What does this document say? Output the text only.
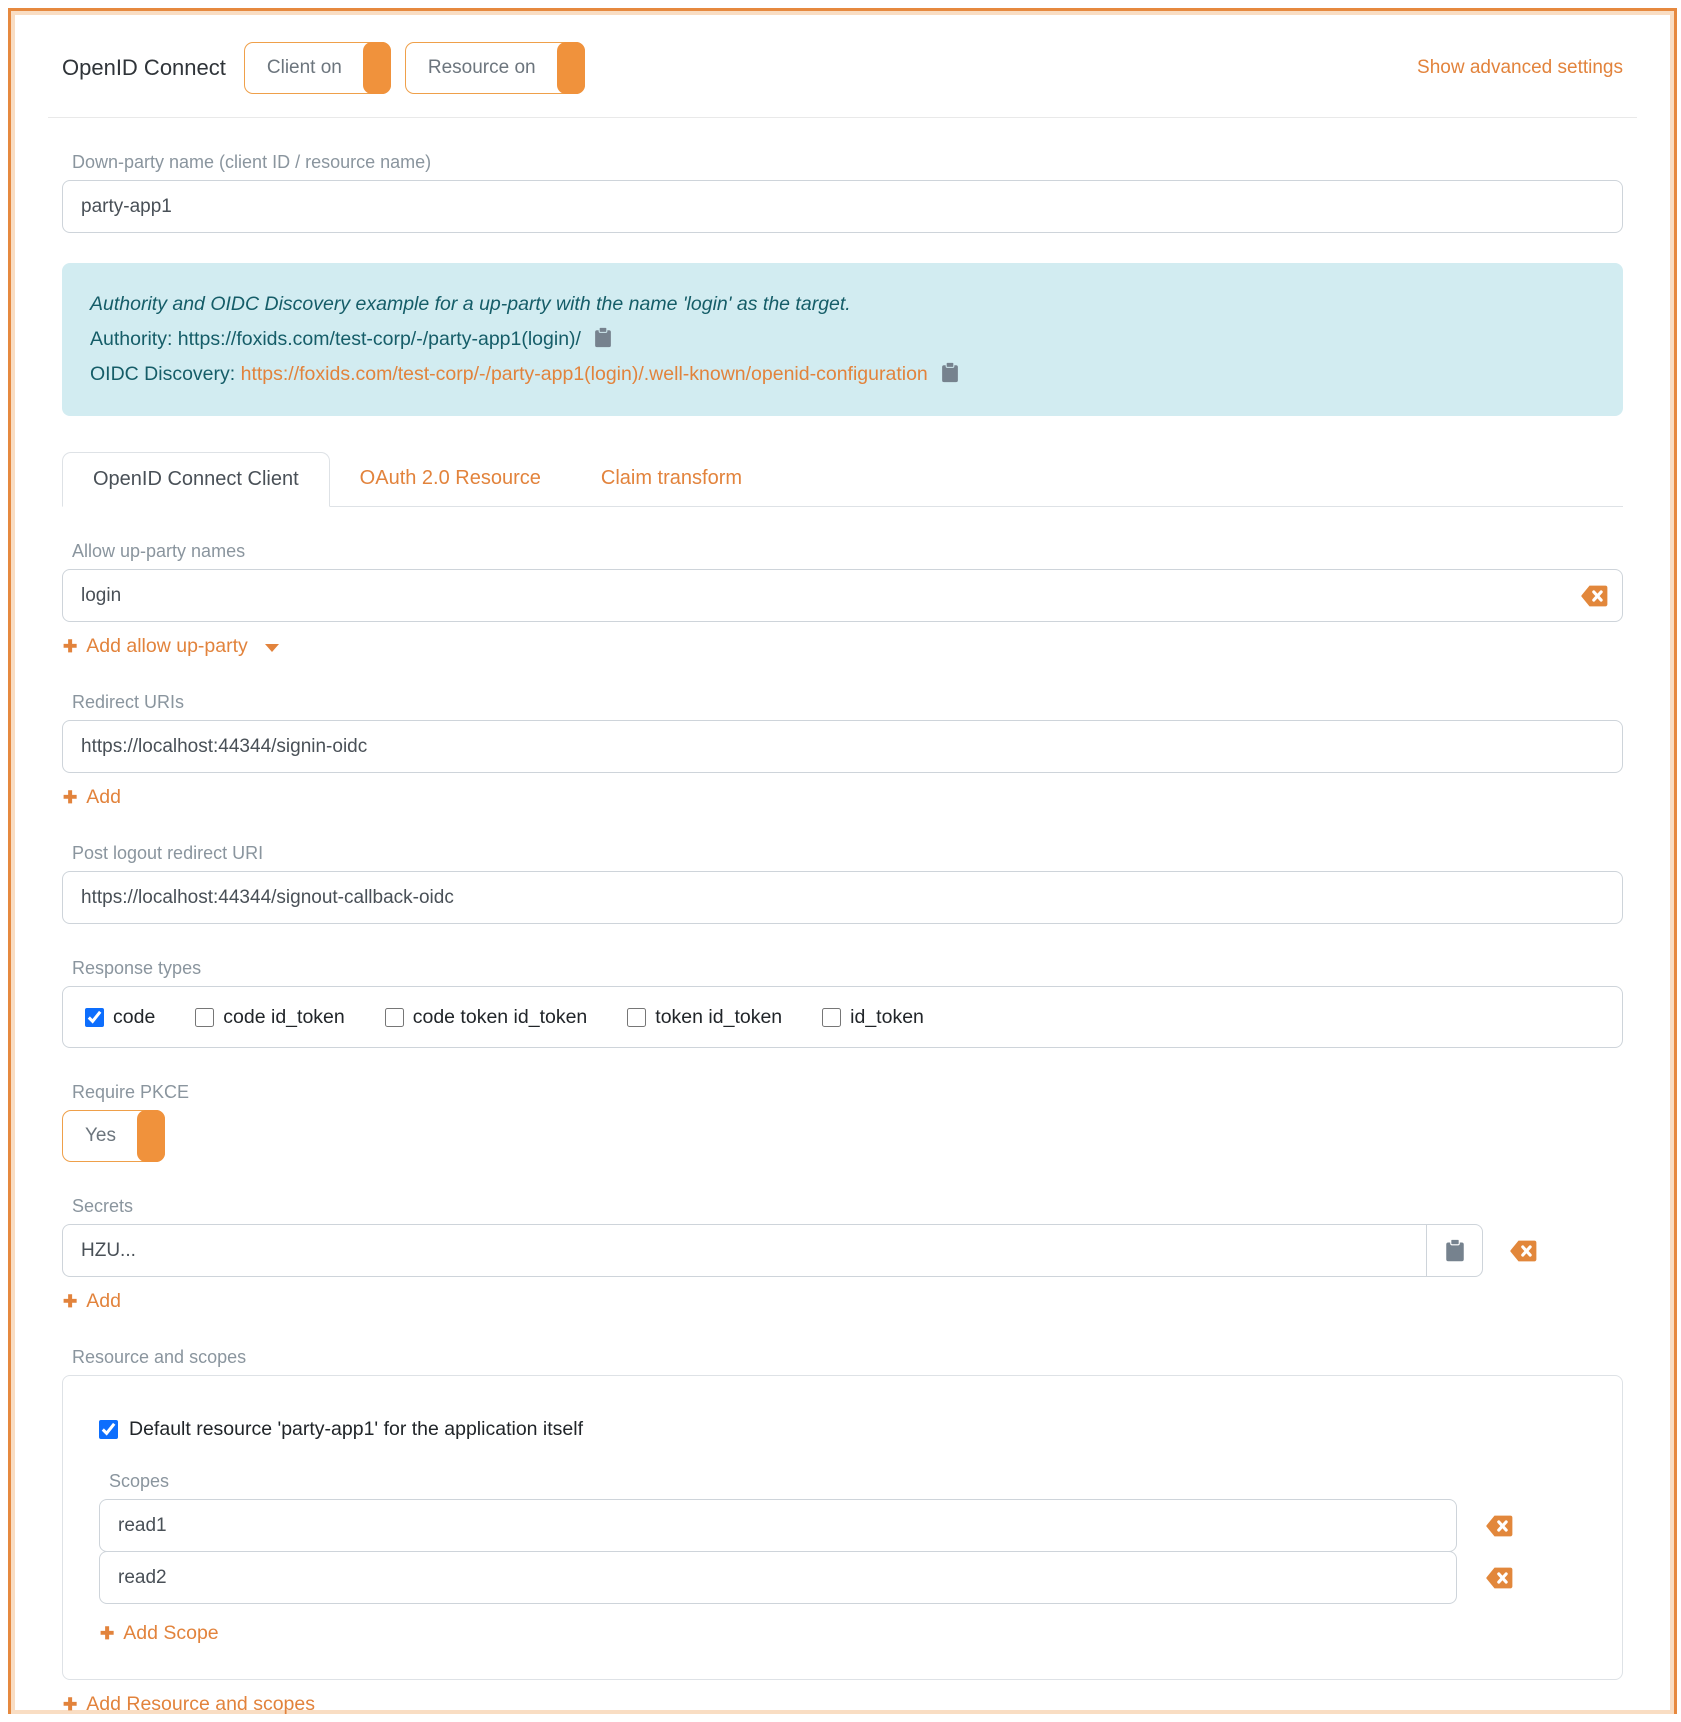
OpenID Connect Client on	Resource on	Show advanced settings
Down-party name (client ID / resource name)
party-app1
Authority and OIDC Discovery example for a up-party with the name 'login' as the target.
Authority: https://foxids.com/test-corp/-/party-app1(login)/
OIDC Discovery: https://foxids.com/test-corp/-/party-app1(login)/.well-known/openid-configuration
OpenID Connect Client	OAuth 2.0 Resource	Claim transform
Allow up-party names
login
✚ Add allow up-party
Redirect URIs
https://localhost:44344/signin-oidc
✚ Add
Post logout redirect URI
https://localhost:44344/signout-callback-oidc
Response types
code	code id_token	code token id_token	token id_token	id_token
Require PKCE
Yes
Secrets
HZU...
✚ Add
Resource and scopes
Default resource 'party-app1' for the application itself
Scopes
read1
read2
✚ Add Scope
✚ Add Resource and scopes
